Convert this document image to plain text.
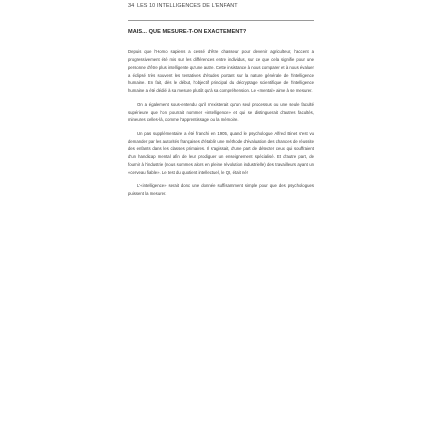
34 LES 10 INTELLIGENCES DE L'ENFANT
MAIS... QUE MESURE-T-ON EXACTEMENT?

Depuis que l'Homo sapiens a cessé d'être chasseur pour devenir agriculteur, l'accent a progressivement été mis sur les différences entre individus, sur ce que cela signifie pour une personne d'être plus intelligente qu'une autre. Cette insistance à nous comparer et à nous évaluer a éclipsé très souvent les tentatives d'études portant sur la nature générale de l'intelligence humaine. En fait, dès le début, l'objectif principal du décryptage scientifique de l'intelligence humaine a été dédié à sa mesure plutôt qu'à sa compréhension. Le «mental» aime à se mesurer.

On a également sous-entendu qu'il n'existerait qu'un seul processus ou une seule faculté supérieure que l'on pourrait nommer «intelligence» et qui se distinguerait d'autres facultés, mineures celles-là, comme l'apprentissage ou la mémoire.

Un pas supplémentaire a été franchi en 1905, quand le psychologue Alfred Binet s'est vu demander par les autorités françaises d'établir une méthode d'évaluation des chances de réussite des enfants dans les classes primaires. Il s'agissait, d'une part de détecter ceux qui souffraient d'un handicap mental afin de leur prodiguer un enseignement spécialisé. Et d'autre part, de fournir à l'industrie (nous sommes alors en pleine révolution industrielle) des travailleurs ayant un «cerveau fiable». Le test du quotient intellectuel, le QI, était né!

L'«intelligence» serait donc une donnée suffisamment simple pour que des psychologues puissent la mesurer.
